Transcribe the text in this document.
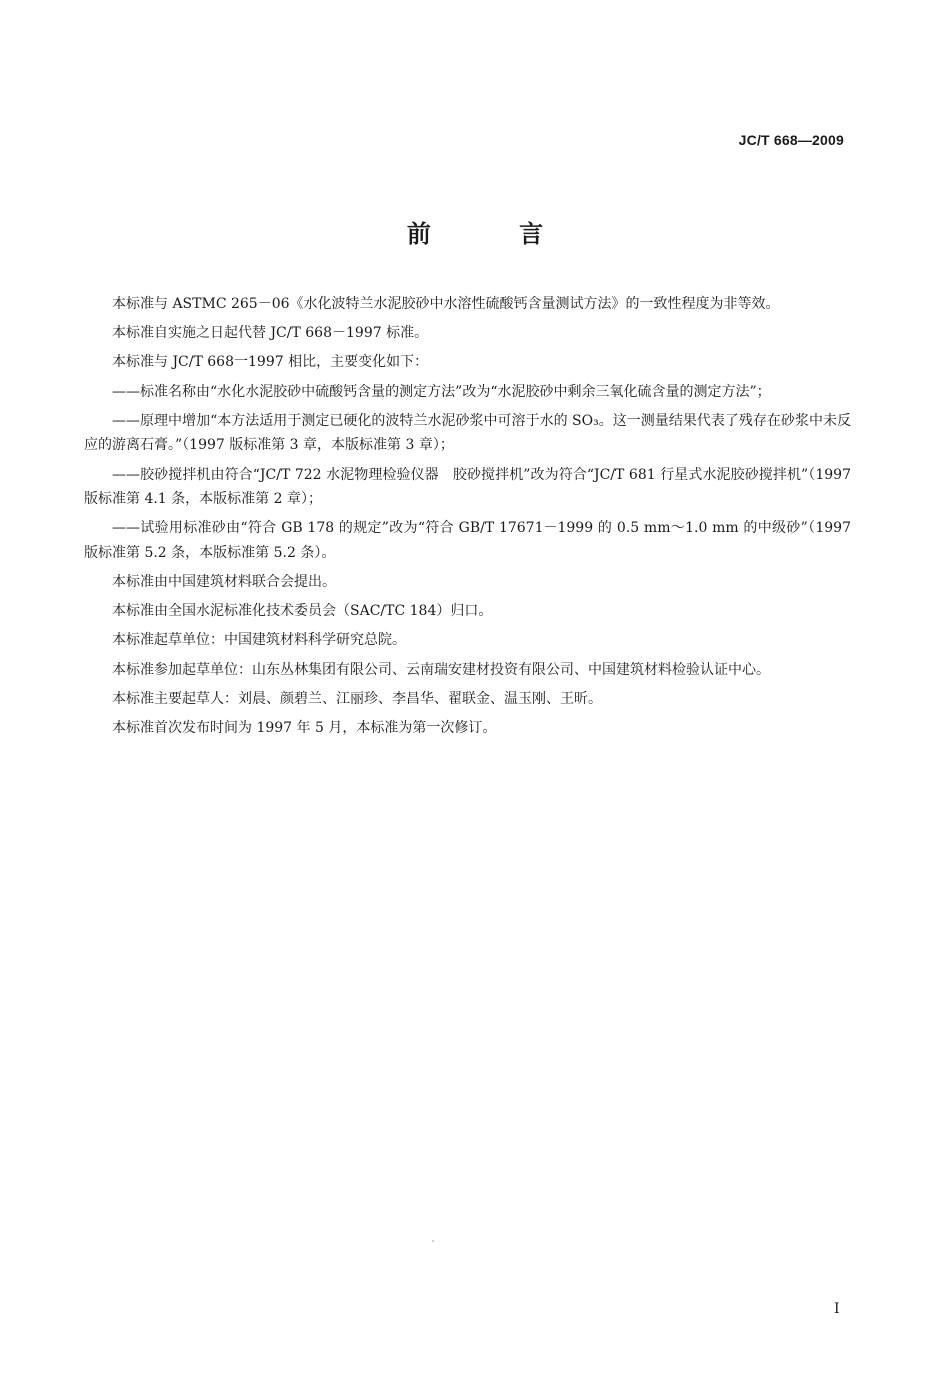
JC/T 668—2009
前 言

本标准与 ASTMC 265－06《水化波特兰水泥胶砂中水溶性硫酸钙含量测试方法》的一致性程度为非等效。

本标准自实施之日起代替 JC/T 668－1997 标准。

本标准与 JC/T 668一1997 相比，主要变化如下：

——标准名称由“水化水泥胶砂中硫酸钙含量的测定方法”改为“水泥胶砂中剩余三氧化硫含量的测定方法”；

——原理中增加“本方法适用于测定已硬化的波特兰水泥砂浆中可溶于水的 SO₃。这一测量结果代表了残存在砂浆中未反应的游离石膏。”（1997 版标准第 3 章，本版标准第 3 章）；

——胶砂搅拌机由符合“JC/T 722 水泥物理检验仪器　胶砂搅拌机”改为符合“JC/T 681 行星式水泥胶砂搅拌机”（1997 版标准第 4.1 条，本版标准第 2 章）；

——试验用标准砂由“符合 GB 178 的规定”改为“符合 GB/T 17671－1999 的 0.5 mm～1.0 mm 的中级砂”（1997 版标准第 5.2 条，本版标准第 5.2 条）。

本标准由中国建筑材料联合会提出。

本标准由全国水泥标准化技术委员会（SAC/TC 184）归口。

本标准起草单位：中国建筑材料科学研究总院。

本标准参加起草单位：山东丛林集团有限公司、云南瑞安建材投资有限公司、中国建筑材料检验认证中心。

本标准主要起草人：刘晨、颜碧兰、江丽珍、李昌华、翟联金、温玉刚、王昕。

本标准首次发布时间为 1997 年 5 月，本标准为第一次修订。

I
